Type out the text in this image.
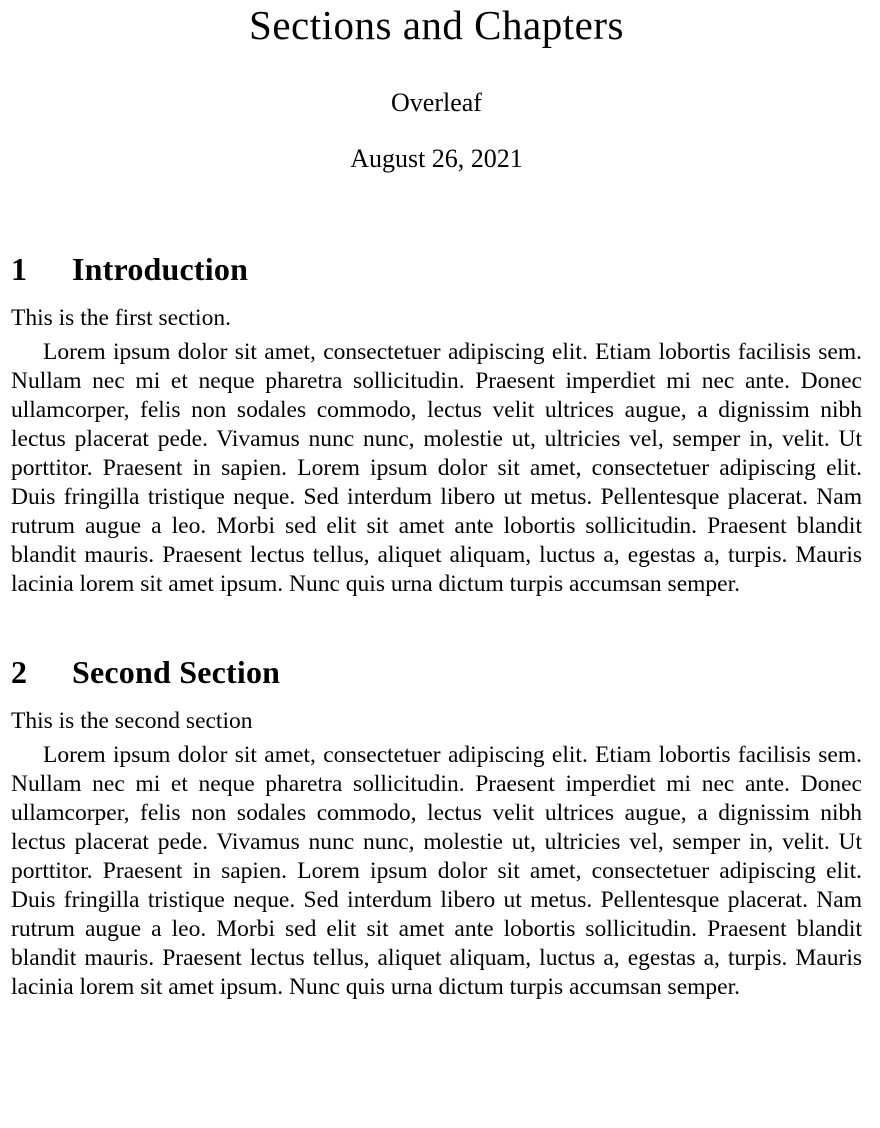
Sections and Chapters
Overleaf
August 26, 2021
1 Introduction

This is the first section.

Lorem ipsum dolor sit amet, consectetuer adipiscing elit. Etiam lobortis facilisis sem. Nullam nec mi et neque pharetra sollicitudin. Praesent imperdiet mi nec ante. Donec ullamcorper, felis non sodales commodo, lectus velit ultrices augue, a dignissim nibh lectus placerat pede. Vivamus nunc nunc, molestie ut, ultricies vel, semper in, velit. Ut porttitor. Praesent in sapien. Lorem ipsum dolor sit amet, consectetuer adipiscing elit. Duis fringilla tristique neque. Sed interdum libero ut metus. Pellentesque placerat. Nam rutrum augue a leo. Morbi sed elit sit amet ante lobortis sollicitudin. Praesent blandit blandit mauris. Praesent lectus tellus, aliquet aliquam, luctus a, egestas a, turpis. Mauris lacinia lorem sit amet ipsum. Nunc quis urna dictum turpis accumsan semper.

2 Second Section

This is the second section

Lorem ipsum dolor sit amet, consectetuer adipiscing elit. Etiam lobortis facilisis sem. Nullam nec mi et neque pharetra sollicitudin. Praesent imperdiet mi nec ante. Donec ullamcorper, felis non sodales commodo, lectus velit ultrices augue, a dignissim nibh lectus placerat pede. Vivamus nunc nunc, molestie ut, ultricies vel, semper in, velit. Ut porttitor. Praesent in sapien. Lorem ipsum dolor sit amet, consectetuer adipiscing elit. Duis fringilla tristique neque. Sed interdum libero ut metus. Pellentesque placerat. Nam rutrum augue a leo. Morbi sed elit sit amet ante lobortis sollicitudin. Praesent blandit blandit mauris. Praesent lectus tellus, aliquet aliquam, luctus a, egestas a, turpis. Mauris lacinia lorem sit amet ipsum. Nunc quis urna dictum turpis accumsan semper.
